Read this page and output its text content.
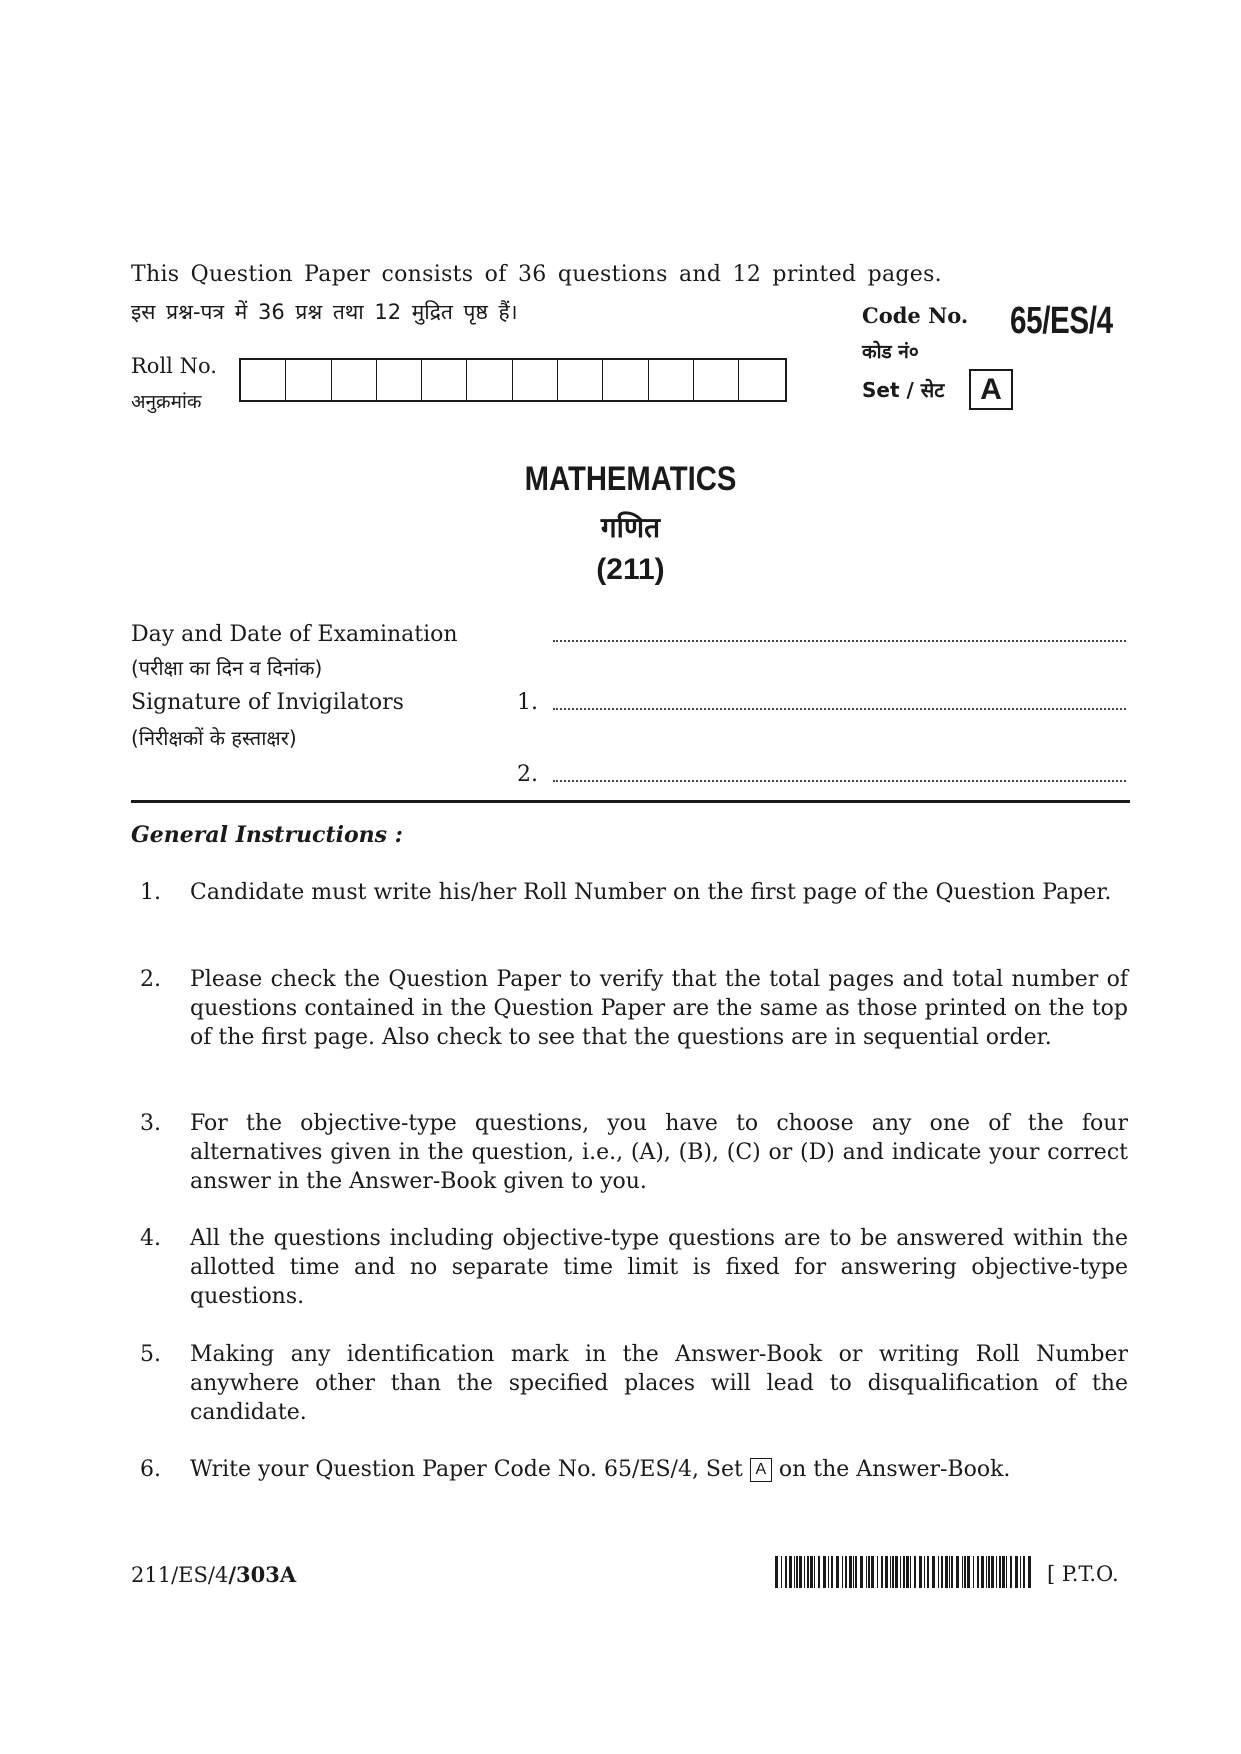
This Question Paper consists of 36 questions and 12 printed pages.
इस प्रश्न-पत्र में 36 प्रश्न तथा 12 मुद्रित पृष्ठ हैं।	Code No.
कोड नं०
65/ES/4
Set / सेट A
Roll No.
अनुक्रमांक
MATHEMATICS
गणित
(211)
Day and Date of Examination
(परीक्षा का दिन व दिनांक)
Signature of Invigilators
(निरीक्षकों के हस्ताक्षर)
1.
2.
General Instructions :
1.	Candidate must write his/her Roll Number on the first page of the Question Paper.
2.	Please check the Question Paper to verify that the total pages and total number of questions contained in the Question Paper are the same as those printed on the top of the first page. Also check to see that the questions are in sequential order.
3.	For the objective-type questions, you have to choose any one of the four alternatives given in the question, i.e., (A), (B), (C) or (D) and indicate your correct answer in the Answer-Book given to you.
4.	All the questions including objective-type questions are to be answered within the allotted time and no separate time limit is fixed for answering objective-type questions.
5.	Making any identification mark in the Answer-Book or writing Roll Number anywhere other than the specified places will lead to disqualification of the candidate.
6.	Write your Question Paper Code No. 65/ES/4, Set A on the Answer-Book.
211/ES/4/303A	[ P.T.O.
